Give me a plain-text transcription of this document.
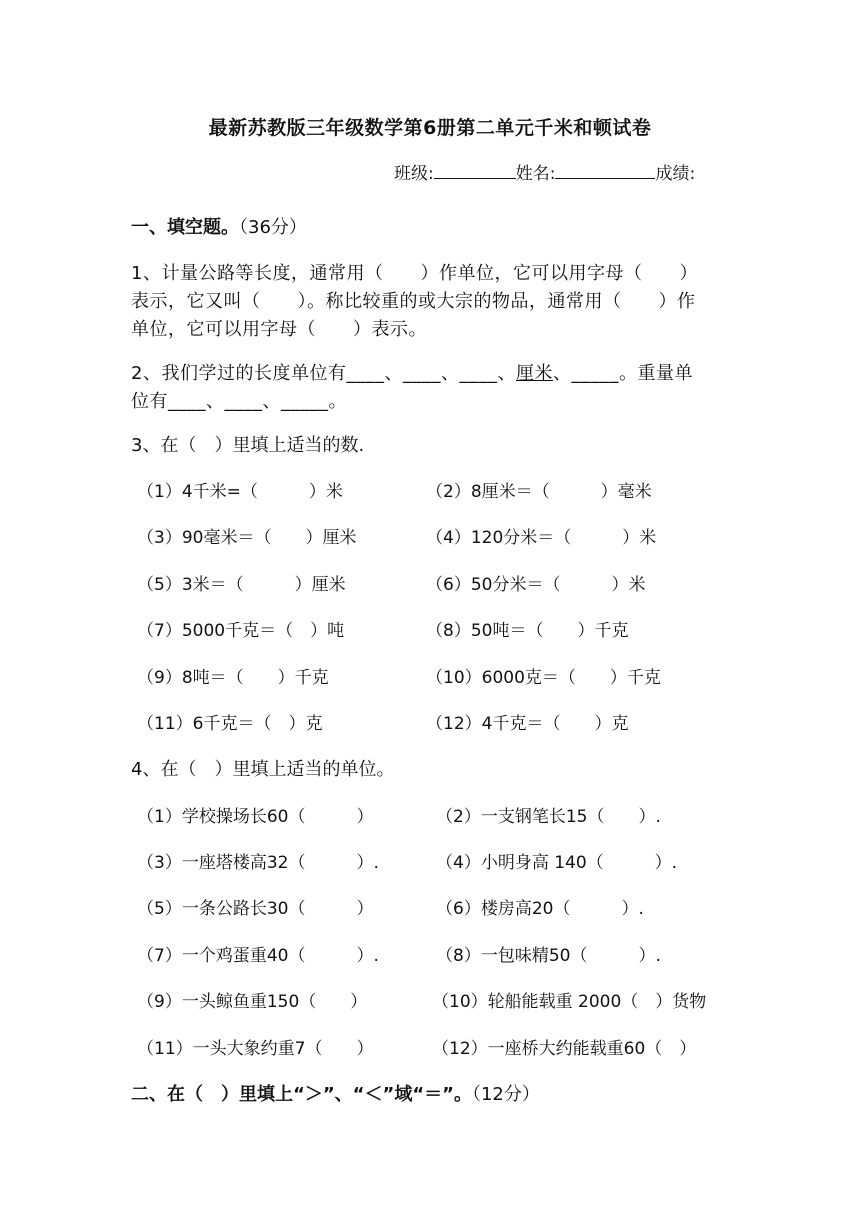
最新苏教版三年级数学第6册第二单元千米和顿试卷
班级:	姓名:	成绩:
一、填空题。（36分）
1、计量公路等长度，通常用（　　）作单位，它可以用字母（　　）
表示，它又叫（　　）。称比较重的或大宗的物品，通常用（　　）作
单位，它可以用字母（　　）表示。
2、我们学过的长度单位有____、____、____、厘米、_____。重量单
位有____、____、_____。
3、在（　）里填上适当的数.
（1）4千米=（　　　）米	（2）8厘米＝（　　　）毫米
（3）90毫米＝（　　）厘米	（4）120分米＝（　　　）米
（5）3米＝（　　　）厘米	（6）50分米＝（　　　）米
（7）5000千克＝（　）吨	（8）50吨＝（　　）千克
（9）8吨＝（　　）千克	（10）6000克＝（　　）千克
（11）6千克＝（　）克	（12）4千克＝（　　）克
4、在（　）里填上适当的单位。
（1）学校操场长60（　　　）	（2）一支钢笔长15（　　）.
（3）一座塔楼高32（　　　）.	（4）小明身高 140（　　　）.
（5）一条公路长30（　　　）	（6）楼房高20（　　　）.
（7）一个鸡蛋重40（　　　）.	（8）一包味精50（　　　）.
（9）一头鲸鱼重150（　　）	（10）轮船能载重 2000（　）货物
（11）一头大象约重7（　　）	（12）一座桥大约能载重60（　）
二、在（　）里填上“＞”、“＜”域“＝”。（12分）
